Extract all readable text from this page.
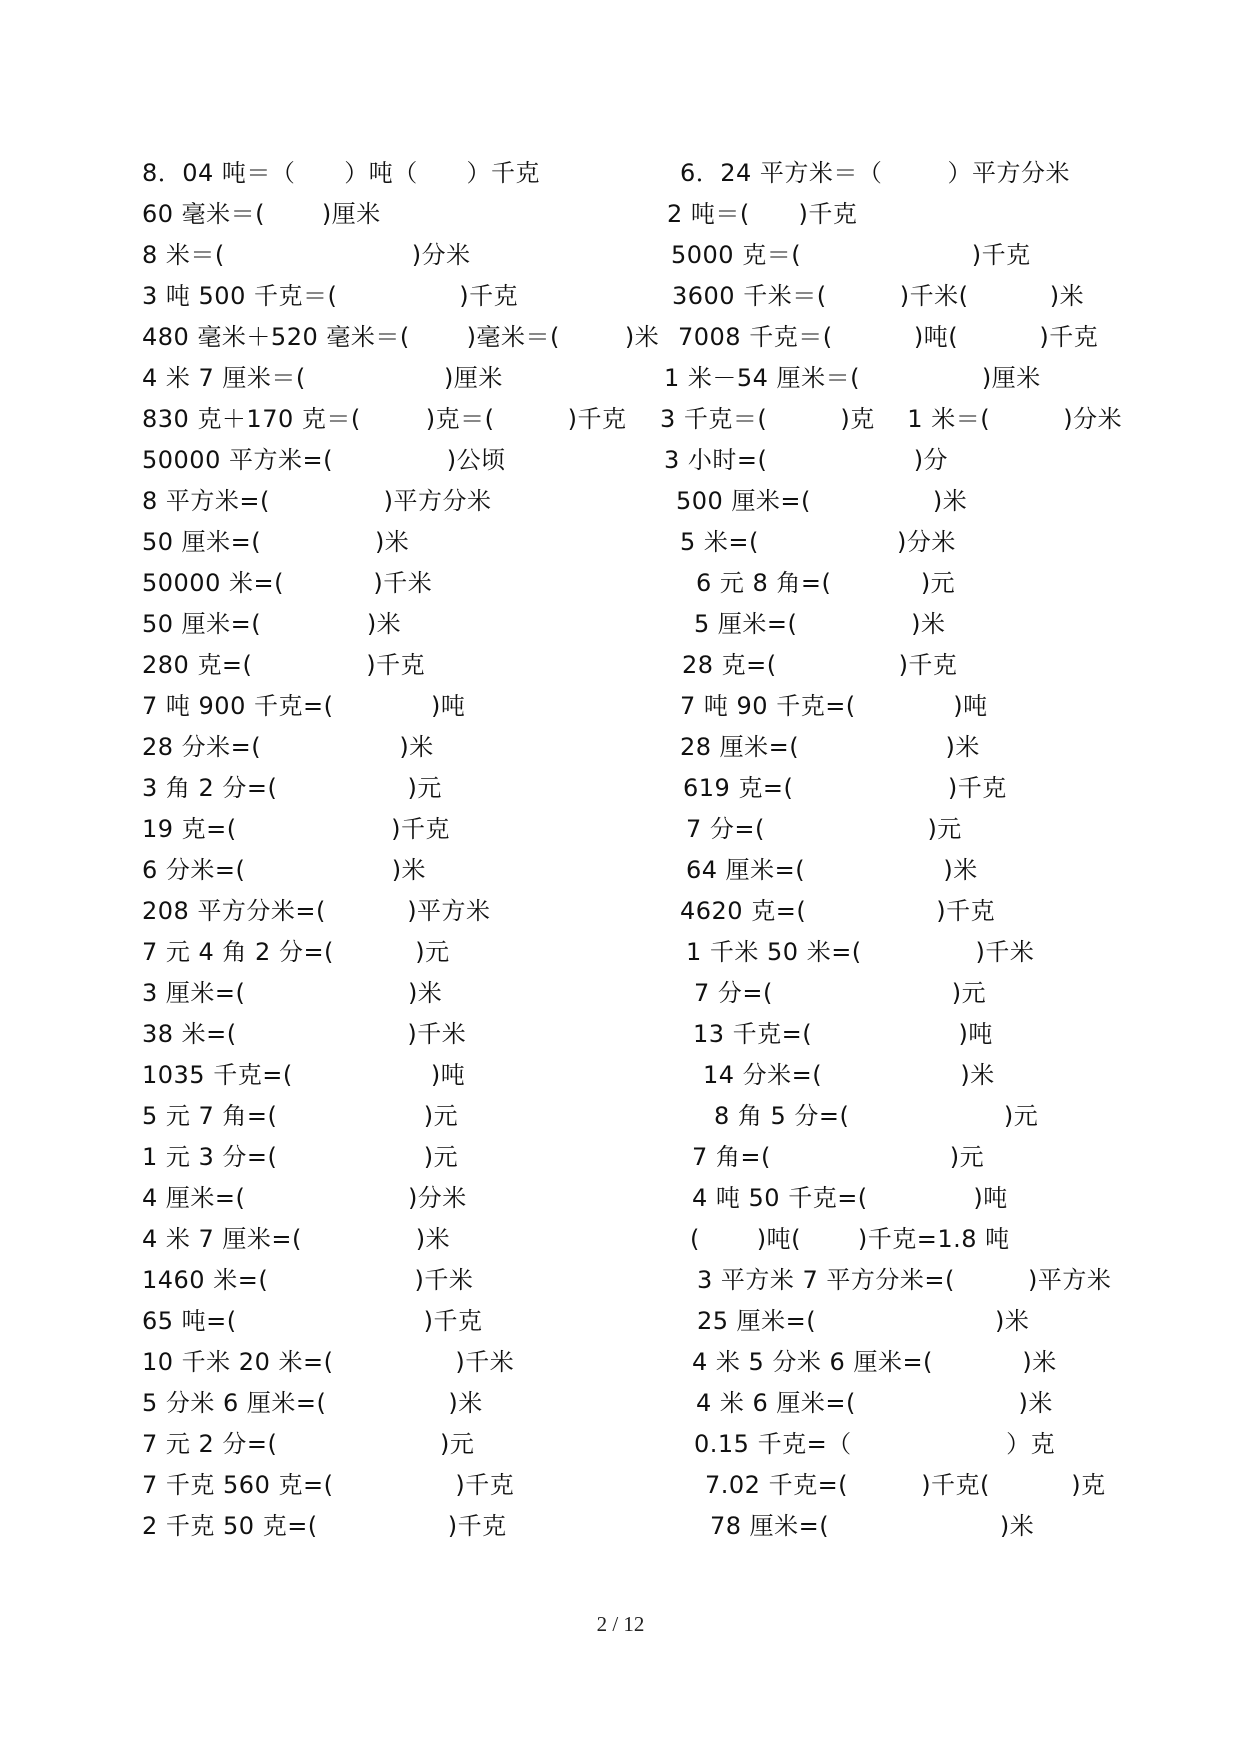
8．04 吨＝（      ）吨（      ）千克	6．24 平方米＝（        ）平方分米
60 毫米＝(       )厘米	2 吨＝(      )千克
8 米＝(                       )分米	5000 克＝(                     )千克
3 吨 500 千克＝(               )千克	3600 千米＝(         )千米(          )米
480 毫米＋520 毫米＝(       )毫米＝(        )米 7008 千克＝(          )吨(          )千克
4 米 7 厘米＝(                 )厘米	1 米－54 厘米＝(               )厘米
830 克＋170 克＝(        )克＝(         )千克 3 千克＝(         )克    1 米＝(         )分米
50000 平方米=(              )公顷	3 小时=(                  )分
8 平方米=(              )平方分米	500 厘米=(               )米
50 厘米=(              )米	5 米=(                 )分米
50000 米=(           )千米	6 元 8 角=(           )元
50 厘米=(             )米	5 厘米=(              )米
280 克=(              )千克	28 克=(               )千克
7 吨 900 千克=(            )吨	7 吨 90 千克=(            )吨
28 分米=(                 )米	28 厘米=(                  )米
3 角 2 分=(                )元	619 克=(                   )千克
19 克=(                   )千克	7 分=(                    )元
6 分米=(                  )米	64 厘米=(                 )米
208 平方分米=(          )平方米	4620 克=(                )千克
7 元 4 角 2 分=(          )元	1 千米 50 米=(              )千米
3 厘米=(                    )米	7 分=(                      )元
38 米=(                     )千米	13 千克=(                  )吨
1035 千克=(                 )吨	14 分米=(                 )米
5 元 7 角=(                  )元	8 角 5 分=(                   )元
1 元 3 分=(                  )元	7 角=(                      )元
4 厘米=(                    )分米	4 吨 50 千克=(             )吨
4 米 7 厘米=(              )米	(       )吨(       )千克=1.8 吨
1460 米=(                  )千米	3 平方米 7 平方分米=(         )平方米
65 吨=(                       )千克	25 厘米=(                      )米
10 千米 20 米=(               )千米	4 米 5 分米 6 厘米=(           )米
5 分米 6 厘米=(               )米	4 米 6 厘米=(                    )米
7 元 2 分=(                    )元	0.15 千克=（                   ）克
7 千克 560 克=(               )千克	7.02 千克=(         )千克(          )克
2 千克 50 克=(                )千克	78 厘米=(                     )米
2 / 12
